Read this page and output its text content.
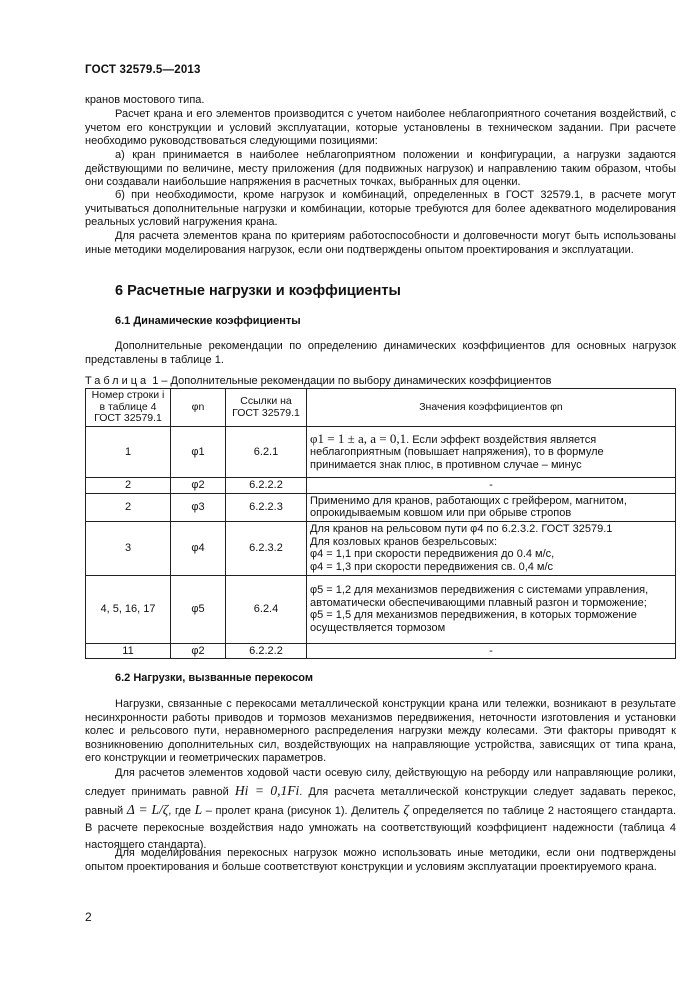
ГОСТ 32579.5—2013

кранов мостового типа.

Расчет крана и его элементов производится с учетом наиболее неблагоприятного сочетания воздействий, с учетом его конструкции и условий эксплуатации, которые установлены в техническом задании. При расчете необходимо руководствоваться следующими позициями:

а) кран принимается в наиболее неблагоприятном положении и конфигурации, а нагрузки задаются действующими по величине, месту приложения (для подвижных нагрузок) и направлению таким образом, чтобы они создавали наибольшие напряжения в расчетных точках, выбранных для оценки.

б) при необходимости, кроме нагрузок и комбинаций, определенных в ГОСТ 32579.1, в расчете могут учитываться дополнительные нагрузки и комбинации, которые требуются для более адекватного моделирования реальных условий нагружения крана.

Для расчета элементов крана по критериям работоспособности и долговечности могут быть использованы иные методики моделирования нагрузок, если они подтверждены опытом проектирования и эксплуатации.

6 Расчетные нагрузки и коэффициенты
6.1 Динамические коэффициенты

Дополнительные рекомендации по определению динамических коэффициентов для основных нагрузок представлены в таблице 1.

Таблица 1 – Дополнительные рекомендации по выбору динамических коэффициентов
Номер строки i в таблице 4 ГОСТ 32579.1	φn	Ссылки на ГОСТ 32579.1	Значения коэффициентов φn
1	φ1	6.2.1	φ1 = 1 ± a, a = 0,1. Если эффект воздействия является неблагоприятным (повышает напряжения), то в формуле принимается знак плюс, в противном случае – минус
2	φ2	6.2.2.2	-
2	φ3	6.2.2.3	Применимо для кранов, работающих с грейфером, магнитом, опрокидываемым ковшом или при обрыве стропов
3	φ4	6.2.3.2	Для кранов на рельсовом пути φ4 по 6.2.3.2. ГОСТ 32579.1
Для козловых кранов безрельсовых:
φ4 = 1,1 при скорости передвижения до 0.4 м/с,
φ4 = 1,3 при скорости передвижения св. 0,4 м/с

4, 5, 16, 17	φ5	6.2.4	φ5 = 1,2 для механизмов передвижения с системами управления, автоматически обеспечивающими плавный разгон и торможение;
φ5 = 1,5 для механизмов передвижения, в которых торможение осуществляется тормозом

11	φ2	6.2.2.2	-
6.2 Нагрузки, вызванные перекосом

Нагрузки, связанные с перекосами металлической конструкции крана или тележки, возникают в результате несинхронности работы приводов и тормозов механизмов передвижения, неточности изготовления и установки колес и рельсового пути, неравномерного распределения нагрузки между колесами. Эти факторы приводят к возникновению дополнительных сил, воздействующих на направляющие устройства, зависящих от типа крана, его конструкции и геометрических параметров.

Для расчетов элементов ходовой части осевую силу, действующую на реборду или направляющие ролики, следует принимать равной Hi = 0,1Fi. Для расчета металлической конструкции следует задавать перекос, равный Δ = L/ζ, где L – пролет крана (рисунок 1). Делитель ζ определяется по таблице 2 настоящего стандарта. В расчете перекосные воздействия надо умножать на соответствующий коэффициент надежности (таблица 4 настоящего стандарта).

Для моделирования перекосных нагрузок можно использовать иные методики, если они подтверждены опытом проектирования и больше соответствуют конструкции и условиям эксплуатации проектируемого крана.

2
